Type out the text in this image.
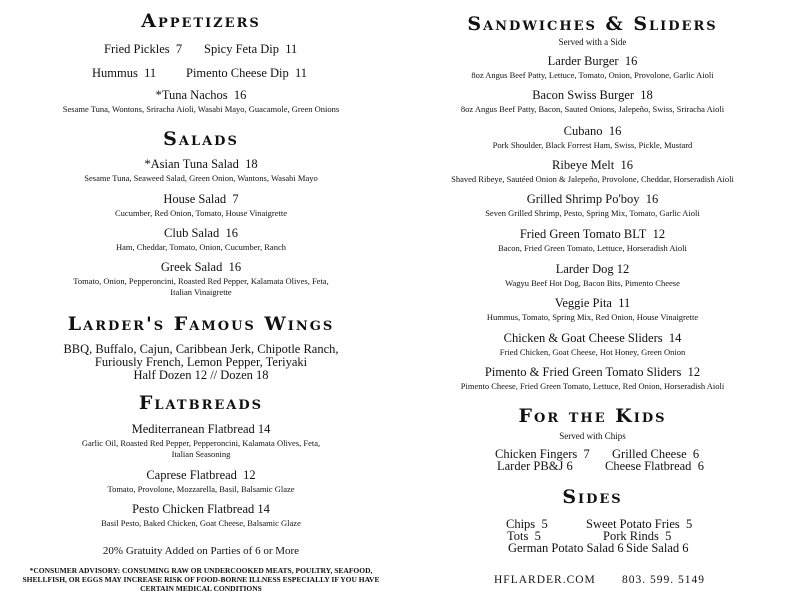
Appetizers
Fried Pickles 7 Spicy Feta Dip 11
Hummus 11 Pimento Cheese Dip 11
*Tuna Nachos 16
Sesame Tuna, Wontons, Sriracha Aioli, Wasabi Mayo, Guacamole, Green Onions
Salads
*Asian Tuna Salad 18
Sesame Tuna, Seaweed Salad, Green Onion, Wantons, Wasabi Mayo
House Salad 7
Cucumber, Red Onion, Tomato, House Vinaigrette
Club Salad 16
Ham, Cheddar, Tomato, Onion, Cucumber, Ranch
Greek Salad 16
Tomato, Onion, Pepperoncini, Roasted Red Pepper, Kalamata Olives, Feta,
Italian Vinaigrette
Larder's Famous Wings
BBQ, Buffalo, Cajun, Caribbean Jerk, Chipotle Ranch,
Furiously French, Lemon Pepper, Teriyaki
Half Dozen 12 // Dozen 18
Flatbreads
Mediterranean Flatbread 14
Garlic Oil, Roasted Red Pepper, Pepperoncini, Kalamata Olives, Feta,
Italian Seasoning
Caprese Flatbread 12
Tomato, Provolone, Mozzarella, Basil, Balsamic Glaze
Pesto Chicken Flatbread 14
Basil Pesto, Baked Chicken, Goat Cheese, Balsamic Glaze
20% Gratuity Added on Parties of 6 or More
*CONSUMER ADVISORY: CONSUMING RAW OR UNDERCOOKED MEATS, POULTRY, SEAFOOD, SHELLFISH, OR EGGS MAY INCREASE RISK OF FOOD-BORNE ILLNESS ESPECIALLY IF YOU HAVE CERTAIN MEDICAL CONDITIONS
Sandwiches & Sliders
Served with a Side
Larder Burger 16
8oz Angus Beef Patty, Lettuce, Tomato, Onion, Provolone, Garlic Aioli
Bacon Swiss Burger 18
8oz Angus Beef Patty, Bacon, Sauted Onions, Jalepeño, Swiss, Sriracha Aioli
Cubano 16
Pork Shoulder, Black Forrest Ham, Swiss, Pickle, Mustard
Ribeye Melt 16
Shaved Ribeye, Sautéed Onion & Jalepeño, Provolone, Cheddar, Horseradish Aioli
Grilled Shrimp Po'boy 16
Seven Grilled Shrimp, Pesto, Spring Mix, Tomato, Garlic Aioli
Fried Green Tomato BLT 12
Bacon, Fried Green Tomato, Lettuce, Horseradish Aioli
Larder Dog 12
Wagyu Beef Hot Dog, Bacon Bits, Pimento Cheese
Veggie Pita 11
Hummus, Tomato, Spring Mix, Red Onion, House Vinaigrette
Chicken & Goat Cheese Sliders 14
Fried Chicken, Goat Cheese, Hot Honey, Green Onion
Pimento & Fried Green Tomato Sliders 12
Pimento Cheese, Fried Green Tomato, Lettuce, Red Onion, Horseradish Aioli
For the Kids
Served with Chips
Chicken Fingers 7 Grilled Cheese 6
Larder PB&J 6	Cheese Flatbread 6
Sides
Chips 5	Sweet Potato Fries 5
Tots 5	Pork Rinds 5
German Potato Salad 6 Side Salad 6
HFLARDER.COM 803. 599. 5149
